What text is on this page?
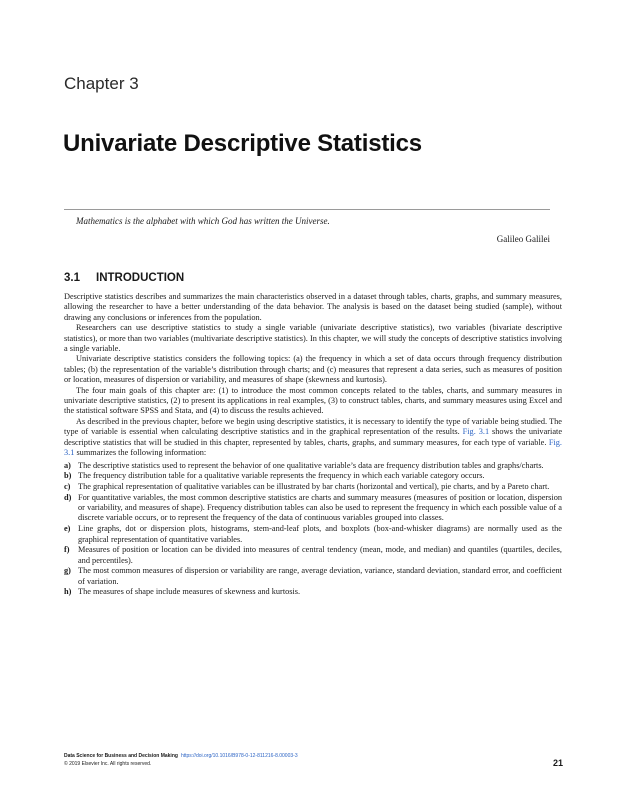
Chapter 3
Univariate Descriptive Statistics
Mathematics is the alphabet with which God has written the Universe.
Galileo Galilei
3.1 INTRODUCTION

Descriptive statistics describes and summarizes the main characteristics observed in a dataset through tables, charts, graphs, and summary measures, allowing the researcher to have a better understanding of the data behavior. The analysis is based on the dataset being studied (sample), without drawing any conclusions or inferences from the population.

Researchers can use descriptive statistics to study a single variable (univariate descriptive statistics), two variables (bivariate descriptive statistics), or more than two variables (multivariate descriptive statistics). In this chapter, we will study the concepts of descriptive statistics involving a single variable.

Univariate descriptive statistics considers the following topics: (a) the frequency in which a set of data occurs through frequency distribution tables; (b) the representation of the variable’s distribution through charts; and (c) measures that represent a data series, such as measures of position or location, measures of dispersion or variability, and measures of shape (skewness and kurtosis).

The four main goals of this chapter are: (1) to introduce the most common concepts related to the tables, charts, and summary measures in univariate descriptive statistics, (2) to present its applications in real examples, (3) to construct tables, charts, and summary measures using Excel and the statistical software SPSS and Stata, and (4) to discuss the results achieved.

As described in the previous chapter, before we begin using descriptive statistics, it is necessary to identify the type of variable being studied. The type of variable is essential when calculating descriptive statistics and in the graphical representation of the results. Fig. 3.1 shows the univariate descriptive statistics that will be studied in this chapter, represented by tables, charts, graphs, and summary measures, for each type of variable. Fig. 3.1 summarizes the following information:

a) The descriptive statistics used to represent the behavior of one qualitative variable’s data are frequency distribution tables and graphs/charts.
b) The frequency distribution table for a qualitative variable represents the frequency in which each variable category occurs.
c) The graphical representation of qualitative variables can be illustrated by bar charts (horizontal and vertical), pie charts, and by a Pareto chart.
d) For quantitative variables, the most common descriptive statistics are charts and summary measures (measures of position or location, dispersion or variability, and measures of shape). Frequency distribution tables can also be used to represent the frequency in which each possible value of a discrete variable occurs, or to represent the frequency of the data of continuous variables grouped into classes.
e) Line graphs, dot or dispersion plots, histograms, stem-and-leaf plots, and boxplots (box-and-whisker diagrams) are normally used as the graphical representation of quantitative variables.
f) Measures of position or location can be divided into measures of central tendency (mean, mode, and median) and quantiles (quartiles, deciles, and percentiles).
g) The most common measures of dispersion or variability are range, average deviation, variance, standard deviation, standard error, and coefficient of variation.
h) The measures of shape include measures of skewness and kurtosis.
Data Science for Business and Decision Making https://doi.org/10.1016/B978-0-12-811216-8.00003-3
© 2019 Elsevier Inc. All rights reserved.	21
